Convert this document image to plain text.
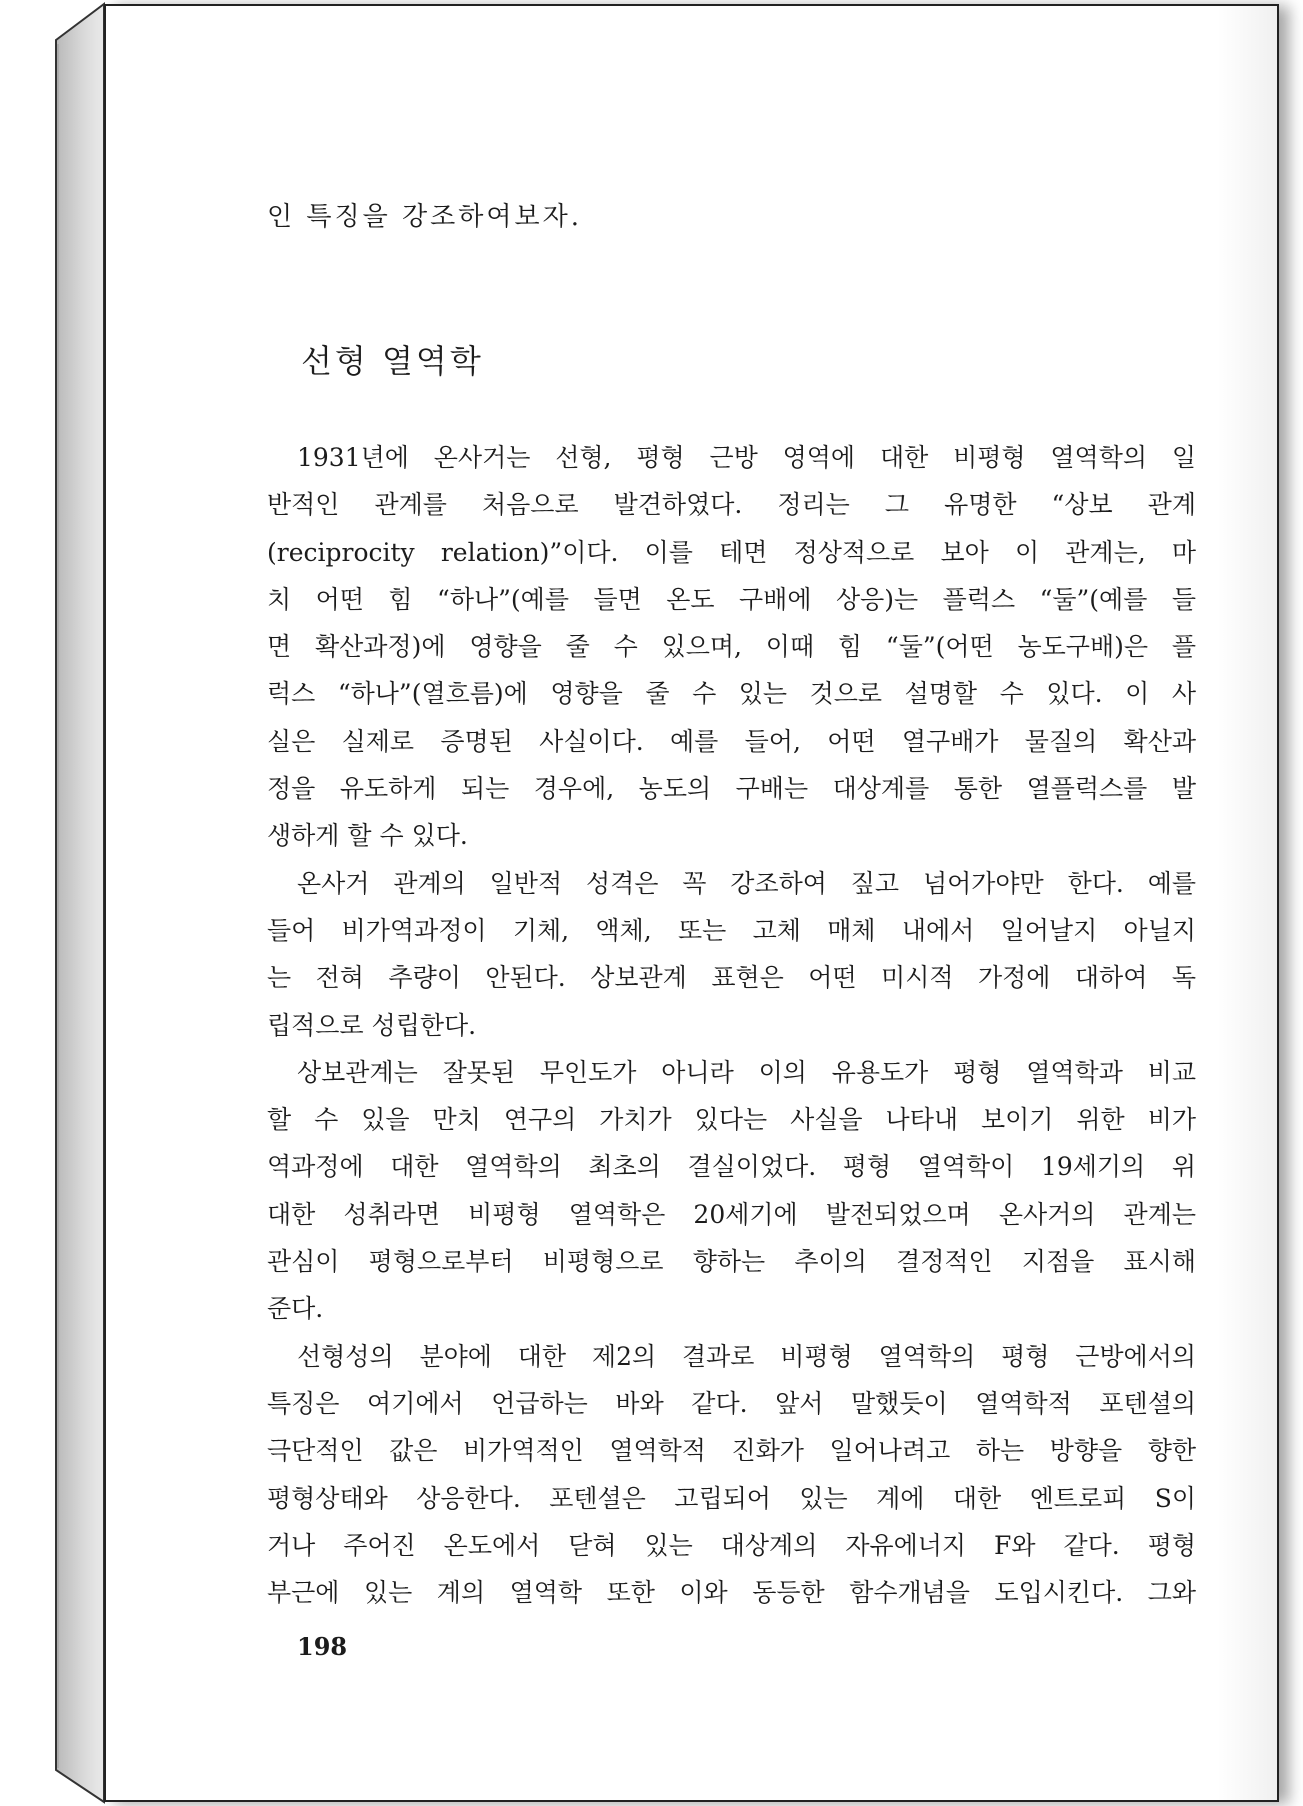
인 특징을 강조하여보자.
선형 열역학
1931년에 온사거는 선형, 평형 근방 영역에 대한 비평형 열역학의 일
반적인 관계를 처음으로 발견하였다. 정리는 그 유명한 “상보 관계
(reciprocity relation)”이다. 이를 테면 정상적으로 보아 이 관계는, 마
치 어떤 힘 “하나”(예를 들면 온도 구배에 상응)는 플럭스 “둘”(예를 들
면 확산과정)에 영향을 줄 수 있으며, 이때 힘 “둘”(어떤 농도구배)은 플
럭스 “하나”(열흐름)에 영향을 줄 수 있는 것으로 설명할 수 있다. 이 사
실은 실제로 증명된 사실이다. 예를 들어, 어떤 열구배가 물질의 확산과
정을 유도하게 되는 경우에, 농도의 구배는 대상계를 통한 열플럭스를 발
생하게 할 수 있다.
온사거 관계의 일반적 성격은 꼭 강조하여 짚고 넘어가야만 한다. 예를
들어 비가역과정이 기체, 액체, 또는 고체 매체 내에서 일어날지 아닐지
는 전혀 추량이 안된다. 상보관계 표현은 어떤 미시적 가정에 대하여 독
립적으로 성립한다.
상보관계는 잘못된 무인도가 아니라 이의 유용도가 평형 열역학과 비교
할 수 있을 만치 연구의 가치가 있다는 사실을 나타내 보이기 위한 비가
역과정에 대한 열역학의 최초의 결실이었다. 평형 열역학이 19세기의 위
대한 성취라면 비평형 열역학은 20세기에 발전되었으며 온사거의 관계는
관심이 평형으로부터 비평형으로 향하는 추이의 결정적인 지점을 표시해
준다.
선형성의 분야에 대한 제2의 결과로 비평형 열역학의 평형 근방에서의
특징은 여기에서 언급하는 바와 같다. 앞서 말했듯이 열역학적 포텐셜의
극단적인 값은 비가역적인 열역학적 진화가 일어나려고 하는 방향을 향한
평형상태와 상응한다. 포텐셜은 고립되어 있는 계에 대한 엔트로피 S이
거나 주어진 온도에서 닫혀 있는 대상계의 자유에너지 F와 같다. 평형
부근에 있는 계의 열역학 또한 이와 동등한 함수개념을 도입시킨다. 그와
198
